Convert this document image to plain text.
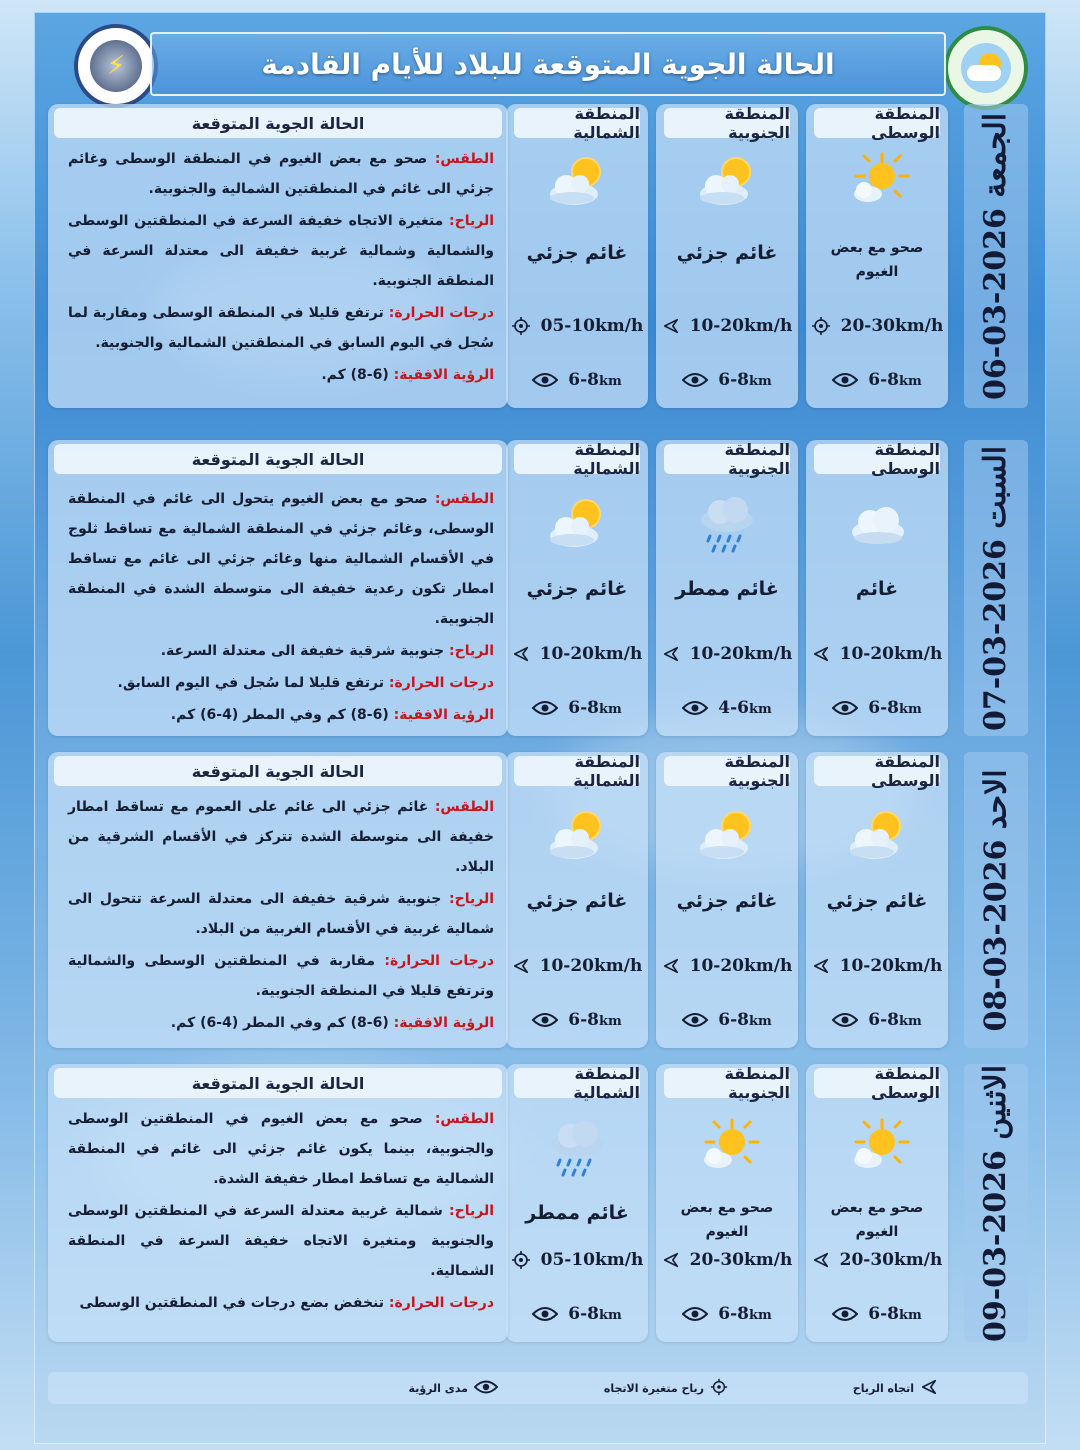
⚡	الحالة الجوية المتوقعة للبلاد للأيام القادمة
الجمعة 2026-03-06
المنطقة الوسطى
صحو مع بعض الغيوم
20-30km/h
6-8km
المنطقة الجنوبية
غائم جزئي
10-20km/h
6-8km
المنطقة الشمالية
غائم جزئي
05-10km/h
6-8km
الحالة الجوية المتوقعة

الطقس: صحو مع بعض الغيوم في المنطقة الوسطى وغائم جزئي الى غائم في المنطقتين الشمالية والجنوبية.

الرياح: متغيرة الاتجاه خفيفة السرعة في المنطقتين الوسطى والشمالية وشمالية غربية خفيفة الى معتدلة السرعة في المنطقة الجنوبية.

درجات الحرارة: ترتفع قليلا في المنطقة الوسطى ومقاربة لما سُجل في اليوم السابق في المنطقتين الشمالية والجنوبية.

الرؤية الافقية: (6-8) كم.

السبت 2026-03-07
المنطقة الوسطى
غائم
10-20km/h
6-8km
المنطقة الجنوبية
غائم ممطر
10-20km/h
4-6km
المنطقة الشمالية
غائم جزئي
10-20km/h
6-8km
الحالة الجوية المتوقعة

الطقس: صحو مع بعض الغيوم يتحول الى غائم في المنطقة الوسطى، وغائم جزئي في المنطقة الشمالية مع تساقط ثلوج في الأقسام الشمالية منها وغائم جزئي الى غائم مع تساقط امطار تكون رعدية خفيفة الى متوسطة الشدة في المنطقة الجنوبية.

الرياح: جنوبية شرقية خفيفة الى معتدلة السرعة.

درجات الحرارة: ترتفع قليلا لما سُجل في اليوم السابق.

الرؤية الافقية: (6-8) كم وفي المطر (4-6) كم.

الاحد 2026-03-08
المنطقة الوسطى
غائم جزئي
10-20km/h
6-8km
المنطقة الجنوبية
غائم جزئي
10-20km/h
6-8km
المنطقة الشمالية
غائم جزئي
10-20km/h
6-8km
الحالة الجوية المتوقعة

الطقس: غائم جزئي الى غائم على العموم مع تساقط امطار خفيفة الى متوسطة الشدة تتركز في الأقسام الشرقية من البلاد.

الرياح: جنوبية شرقية خفيفة الى معتدلة السرعة تتحول الى شمالية غربية في الأقسام الغربية من البلاد.

درجات الحرارة: مقاربة في المنطقتين الوسطى والشمالية وترتفع قليلا في المنطقة الجنوبية.

الرؤية الافقية: (6-8) كم وفي المطر (4-6) كم.

الاثنين 2026-03-09
المنطقة الوسطى
صحو مع بعض الغيوم
20-30km/h
6-8km
المنطقة الجنوبية
صحو مع بعض الغيوم
20-30km/h
6-8km
المنطقة الشمالية
غائم ممطر
05-10km/h
6-8km
الحالة الجوية المتوقعة

الطقس: صحو مع بعض الغيوم في المنطقتين الوسطى والجنوبية، بينما يكون غائم جزئي الى غائم في المنطقة الشمالية مع تساقط امطار خفيفة الشدة.

الرياح: شمالية غربية معتدلة السرعة في المنطقتين الوسطى والجنوبية ومتغيرة الاتجاه خفيفة السرعة في المنطقة الشمالية.

درجات الحرارة: تنخفض بضع درجات في المنطقتين الوسطى

اتجاه الرياح
رياح متغيرة الاتجاه
مدى الرؤية
